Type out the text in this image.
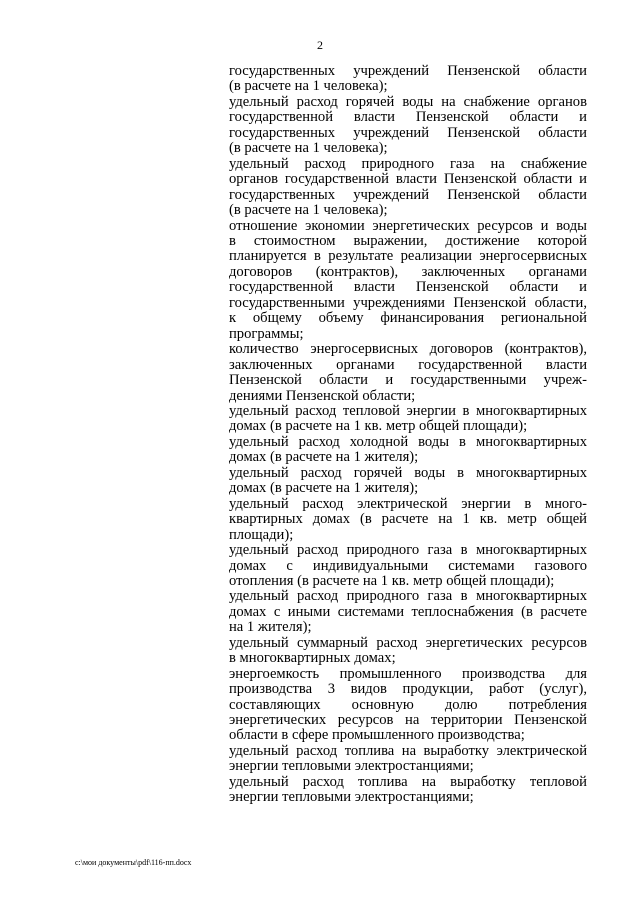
2
государственных учреждений Пензенской области
(в расчете на 1 человека);
удельный расход горячей воды на снабжение органов
государственной власти Пензенской области и
государственных учреждений Пензенской области
(в расчете на 1 человека);
удельный расход природного газа на снабжение
органов государственной власти Пензенской области и
государственных учреждений Пензенской области
(в расчете на 1 человека);
отношение экономии энергетических ресурсов и воды
в стоимостном выражении, достижение которой
планируется в результате реализации энергосервисных
договоров (контрактов), заключенных органами
государственной власти Пензенской области и
государственными учреждениями Пензенской области,
к общему объему финансирования региональной
программы;
количество энергосервисных договоров (контрактов),
заключенных органами государственной власти
Пензенской области и государственными учреж-
дениями Пензенской области;
удельный расход тепловой энергии в многоквартирных
домах (в расчете на 1 кв. метр общей площади);
удельный расход холодной воды в многоквартирных
домах (в расчете на 1 жителя);
удельный расход горячей воды в многоквартирных
домах (в расчете на 1 жителя);
удельный расход электрической энергии в много-
квартирных домах (в расчете на 1 кв. метр общей
площади);
удельный расход природного газа в многоквартирных
домах с индивидуальными системами газового
отопления (в расчете на 1 кв. метр общей площади);
удельный расход природного газа в многоквартирных
домах с иными системами теплоснабжения (в расчете
на 1 жителя);
удельный суммарный расход энергетических ресурсов
в многоквартирных домах;
энергоемкость промышленного производства для
производства 3 видов продукции, работ (услуг),
составляющих основную долю потребления
энергетических ресурсов на территории Пензенской
области в сфере промышленного производства;
удельный расход топлива на выработку электрической
энергии тепловыми электростанциями;
удельный расход топлива на выработку тепловой
энергии тепловыми электростанциями;
c:\мои документы\pdf\116-пп.docx
